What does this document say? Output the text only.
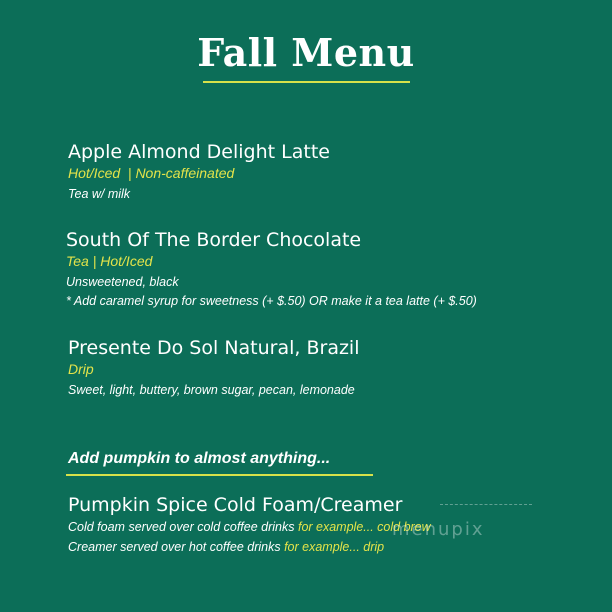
Fall Menu
Apple Almond Delight Latte
Hot/Iced  | Non-caffeinated
Tea w/ milk
South Of The Border Chocolate
Tea | Hot/Iced
Unsweetened, black
* Add caramel syrup for sweetness (+ $.50) OR make it a tea latte (+ $.50)
Presente Do Sol Natural, Brazil
Drip
Sweet, light, buttery, brown sugar, pecan, lemonade
Add pumpkin to almost anything...
Pumpkin Spice Cold Foam/Creamer
Cold foam served over cold coffee drinks for example... cold brew
Creamer served over hot coffee drinks for example... drip
menupix
